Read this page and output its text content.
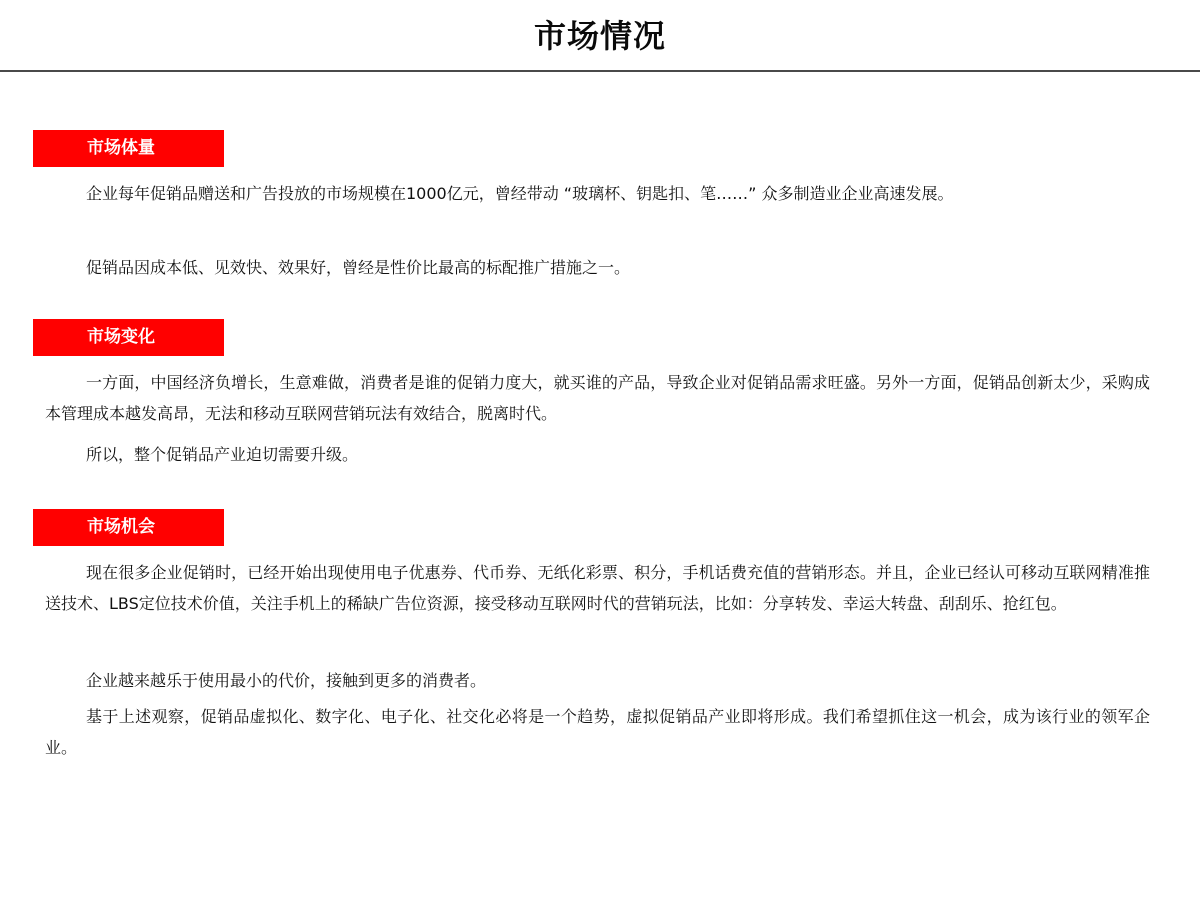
市场情况
市场体量

企业每年促销品赠送和广告投放的市场规模在1000亿元，曾经带动 “玻璃杯、钥匙扣、笔……” 众多制造业企业高速发展。

促销品因成本低、见效快、效果好，曾经是性价比最高的标配推广措施之一。

市场变化

一方面，中国经济负增长，生意难做，消费者是谁的促销力度大，就买谁的产品，导致企业对促销品需求旺盛。另外一方面，促销品创新太少，采购成本管理成本越发高昂，无法和移动互联网营销玩法有效结合，脱离时代。

所以，整个促销品产业迫切需要升级。

市场机会

现在很多企业促销时，已经开始出现使用电子优惠券、代币券、无纸化彩票、积分，手机话费充值的营销形态。并且，企业已经认可移动互联网精准推送技术、LBS定位技术价值，关注手机上的稀缺广告位资源，接受移动互联网时代的营销玩法，比如：分享转发、幸运大转盘、刮刮乐、抢红包。

企业越来越乐于使用最小的代价，接触到更多的消费者。

基于上述观察，促销品虚拟化、数字化、电子化、社交化必将是一个趋势，虚拟促销品产业即将形成。我们希望抓住这一机会，成为该行业的领军企业。
